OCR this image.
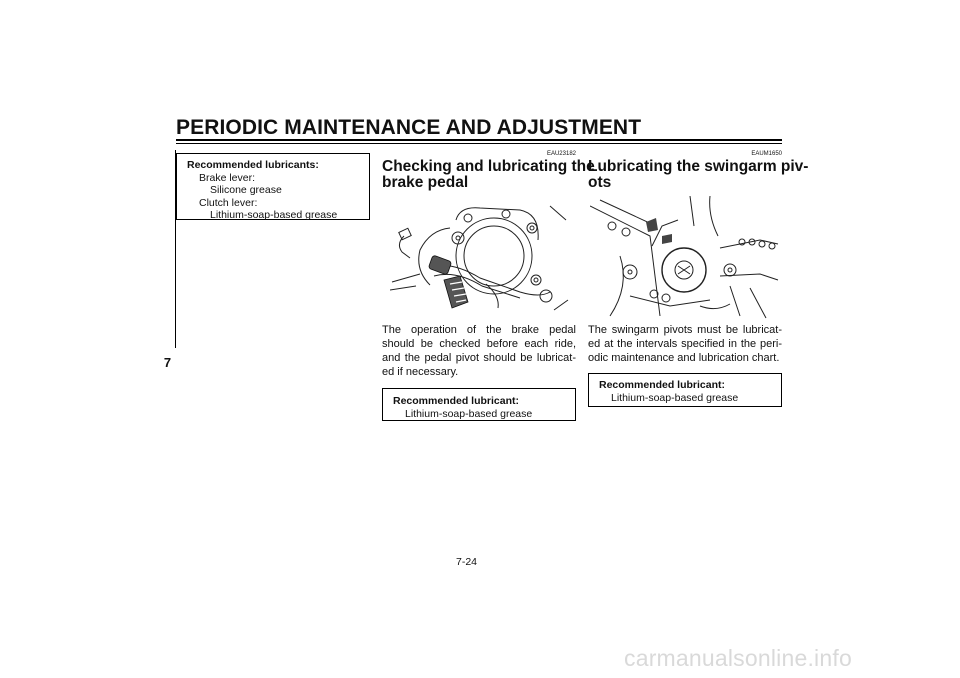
PERIODIC MAINTENANCE AND ADJUSTMENT
7
Recommended lubricants:
Brake lever:
Silicone grease
Clutch lever:
Lithium-soap-based grease
EAU23182
Checking and lubricating the
brake pedal

The operation of the brake pedal should be checked before each ride, and the pedal pivot should be lubricat-ed if necessary.

Recommended lubricant:
Lithium-soap-based grease
EAUM1650
Lubricating the swingarm piv-
ots

The swingarm pivots must be lubricat-ed at the intervals specified in the peri-odic maintenance and lubrication chart.

Recommended lubricant:
Lithium-soap-based grease
7-24
carmanualsonline.info
